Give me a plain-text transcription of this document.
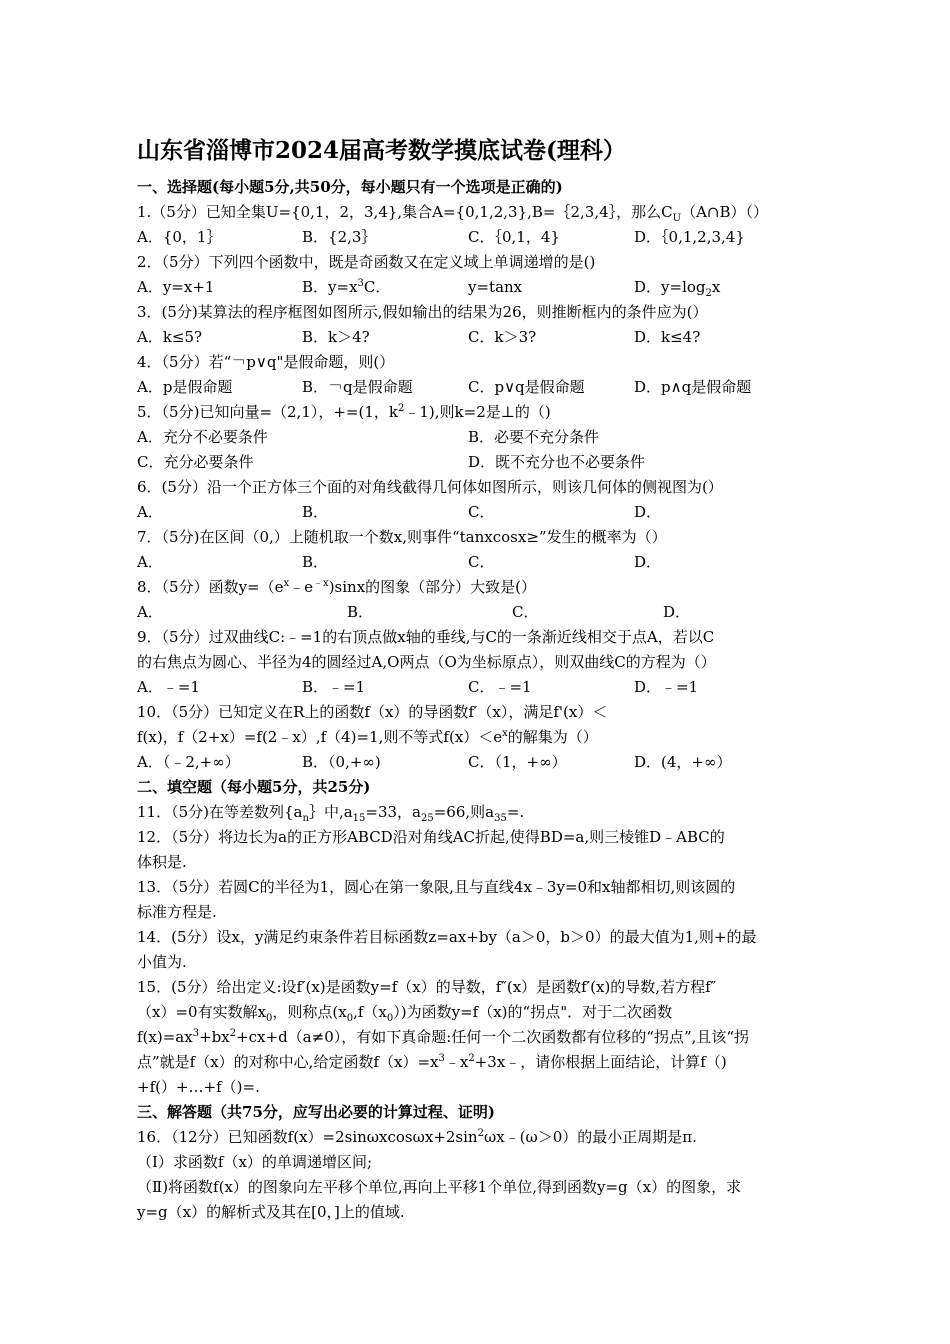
山东省淄博市2024届高考数学摸底试卷(理科）
一、选择题(每小题5分,共50分，每小题只有一个选项是正确的)
1.（5分）已知全集U={0,1，2，3,4},集合A={0,1,2,3},B=｛2,3,4｝，那么$C_U(A\cap B)()$
A．{0，1｝	B．{2,3｝	C．｛0,1，4}	D．｛0,1,2,3,4}
2．（5分）下列四个函数中，既是奇函数又在定义域上单调递增的是()
A．y=x+1	B．$y=x^3C$．	y=tanx	D．$y=\log_2x$
3．(5分)某算法的程序框图如图所示,假如输出的结果为26，则推断框内的条件应为(）
A．k≤5?	B．k＞4?	C．k＞3?	D．k≤4?
4．（5分）若“￢p∨q"是假命题，则(）
A．p是假命题	B．￢q是假命题	C．p∨q是假命题	D．p∧q是假命题
5．（5分)已知向量=（2,1），+=(1，$k^2﹣1$),则k=2是⊥的（)
A．充分不必要条件	B．必要不充分条件
C．充分必要条件	D．既不充分也不必要条件
6．(5分）沿一个正方体三个面的对角线截得几何体如图所示，则该几何体的侧视图为(）
A．	B．	C．	D．
7．（5分)在区间（0,）上随机取一个数x,则事件“tanxcosx≥”发生的概率为（）
A．	B．	C．	D．
8．（5分）函数$y=(e^x﹣e^{﹣x})\sin x$的图象（部分）大致是(）
A．	B．	C．	D．
9．（5分）过双曲线C:﹣=1的右顶点做x轴的垂线,与C的一条渐近线相交于点A，若以C
的右焦点为圆心、半径为4的圆经过A,O两点（O为坐标原点），则双曲线C的方程为（）
A．﹣=1	B．﹣=1	C．﹣=1	D．﹣=1
10．（5分）已知定义在R上的函数f（x）的导函数f′（x），满足f'(x）＜
f(x)，f（2+x）=f(2﹣x）,f（4)=1,则不等式$f(x)<e^x$的解集为（）
A．（﹣2,+∞）	B．（0,+∞)	C．（1，+∞）	D．(4，+∞）
二、填空题（每小题5分，共25分)
11．（5分)在等差数列{$a_n\}$中$,a_{15}=33$，$a_{25}=66$,则$a_{35}=$.
12．（5分）将边长为a的正方形ABCD沿对角线AC折起,使得BD=a,则三棱锥D﹣ABC的
体积是.
13．（5分）若圆C的半径为1，圆心在第一象限,且与直线4x﹣3y=0和x轴都相切,则该圆的
标准方程是.
14．(5分）设x，y满足约束条件若目标函数z=ax+by（a＞0，b＞0）的最大值为1,则+的最
小值为.
15．(5分）给出定义:设f′(x)是函数y=f（x）的导数，f″(x）是函数f′(x)的导数,若方程f″
（x）=0有实数解$x_0$，则称点$(x_0,f(x_0))$为函数y=f（x)的“拐点"．对于二次函数
$f(x)=ax^3+bx^2+cx+d(a\ne 0)$，有如下真命题:任何一个二次函数都有位移的“拐点”,且该“拐
点”就是f（x）的对称中心,给定函数$f(x)=x^3﹣x^2+3x﹣$，请你根据上面结论，计算f（)
+f(）+…+f（)=.
三、解答题（共75分，应写出必要的计算过程、证明)
16．（12分）已知函数$f(x)=2\sin\omega xcos\omega x+2\sin^2\omega x﹣(\omega>0)$的最小正周期是π.
（Ⅰ）求函数f（x）的单调递增区间;
（Ⅱ)将函数f(x）的图象向左平移个单位,再向上平移1个单位,得到函数y=g（x）的图象，求
y=g（x）的解析式及其在[0，]上的值域.
